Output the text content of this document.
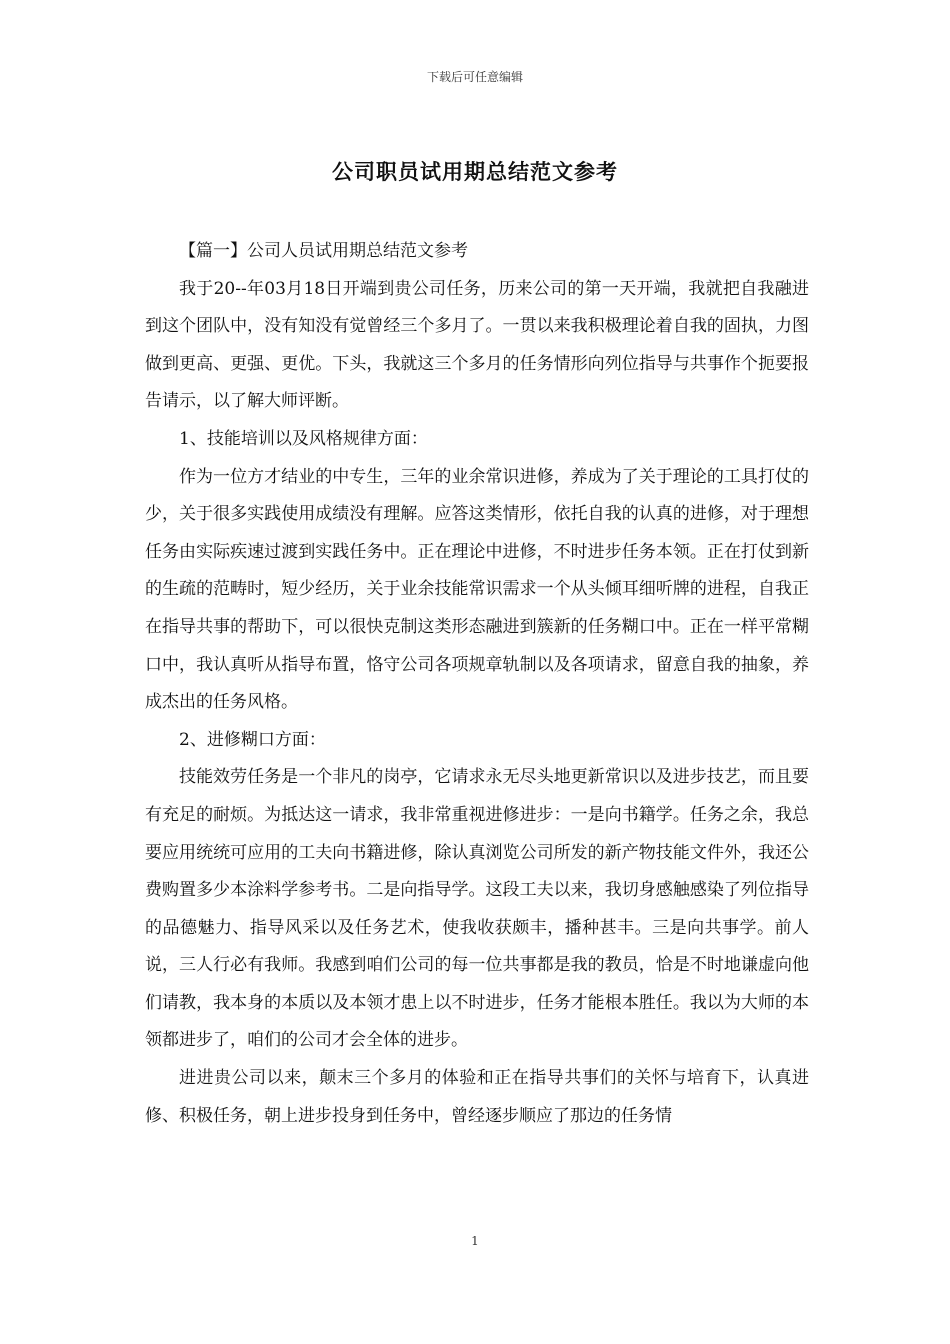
下载后可任意编辑
公司职员试用期总结范文参考

【篇一】公司人员试用期总结范文参考

我于20--年03月18日开端到贵公司任务，历来公司的第一天开端，我就把自我融进到这个团队中，没有知没有觉曾经三个多月了。一贯以来我积极理论着自我的固执，力图做到更高、更强、更优。下头，我就这三个多月的任务情形向列位指导与共事作个扼要报告请示，以了解大师评断。

1、技能培训以及风格规律方面：

作为一位方才结业的中专生，三年的业余常识进修，养成为了关于理论的工具打仗的少，关于很多实践使用成绩没有理解。应答这类情形，依托自我的认真的进修，对于理想任务由实际疾速过渡到实践任务中。正在理论中进修，不时进步任务本领。正在打仗到新的生疏的范畴时，短少经历，关于业余技能常识需求一个从头倾耳细听牌的进程，自我正在指导共事的帮助下，可以很快克制这类形态融进到簇新的任务糊口中。正在一样平常糊口中，我认真听从指导布置，恪守公司各项规章轨制以及各项请求，留意自我的抽象，养成杰出的任务风格。

2、进修糊口方面：

技能效劳任务是一个非凡的岗亭，它请求永无尽头地更新常识以及进步技艺，而且要有充足的耐烦。为抵达这一请求，我非常重视进修进步：一是向书籍学。任务之余，我总要应用统统可应用的工夫向书籍进修，除认真浏览公司所发的新产物技能文件外，我还公费购置多少本涂料学参考书。二是向指导学。这段工夫以来，我切身感触感染了列位指导的品德魅力、指导风采以及任务艺术，使我收获颇丰，播种甚丰。三是向共事学。前人说，三人行必有我师。我感到咱们公司的每一位共事都是我的教员，恰是不时地谦虚向他们请教，我本身的本质以及本领才患上以不时进步，任务才能根本胜任。我以为大师的本领都进步了，咱们的公司才会全体的进步。

进进贵公司以来，颠末三个多月的体验和正在指导共事们的关怀与培育下，认真进修、积极任务，朝上进步投身到任务中，曾经逐步顺应了那边的任务情

1
